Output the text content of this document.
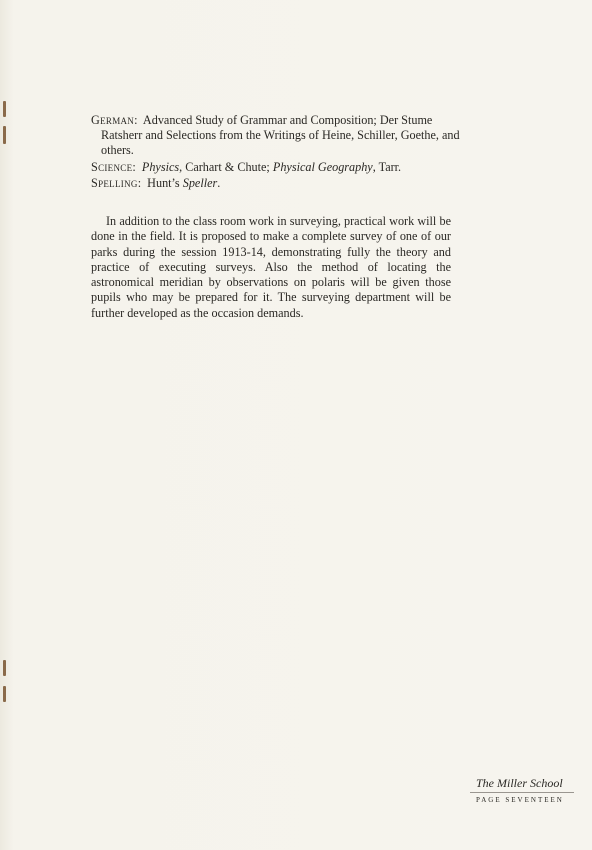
German:  Advanced Study of Grammar and Composition; Der Stume Ratsherr and Selections from the Writings of Heine, Schiller, Goethe, and others.
Science:  Physics, Carhart & Chute; Physical Geography, Tarr.
Spelling:  Hunt’s Speller.

In addition to the class room work in surveying, practical work will be done in the field. It is proposed to make a complete survey of one of our parks during the session 1913-14, demonstrating fully the theory and practice of executing surveys. Also the method of locating the astronomical meridian by observations on polaris will be given those pupils who may be prepared for it. The surveying department will be further developed as the occasion demands.

The Miller School
PAGE SEVENTEEN
